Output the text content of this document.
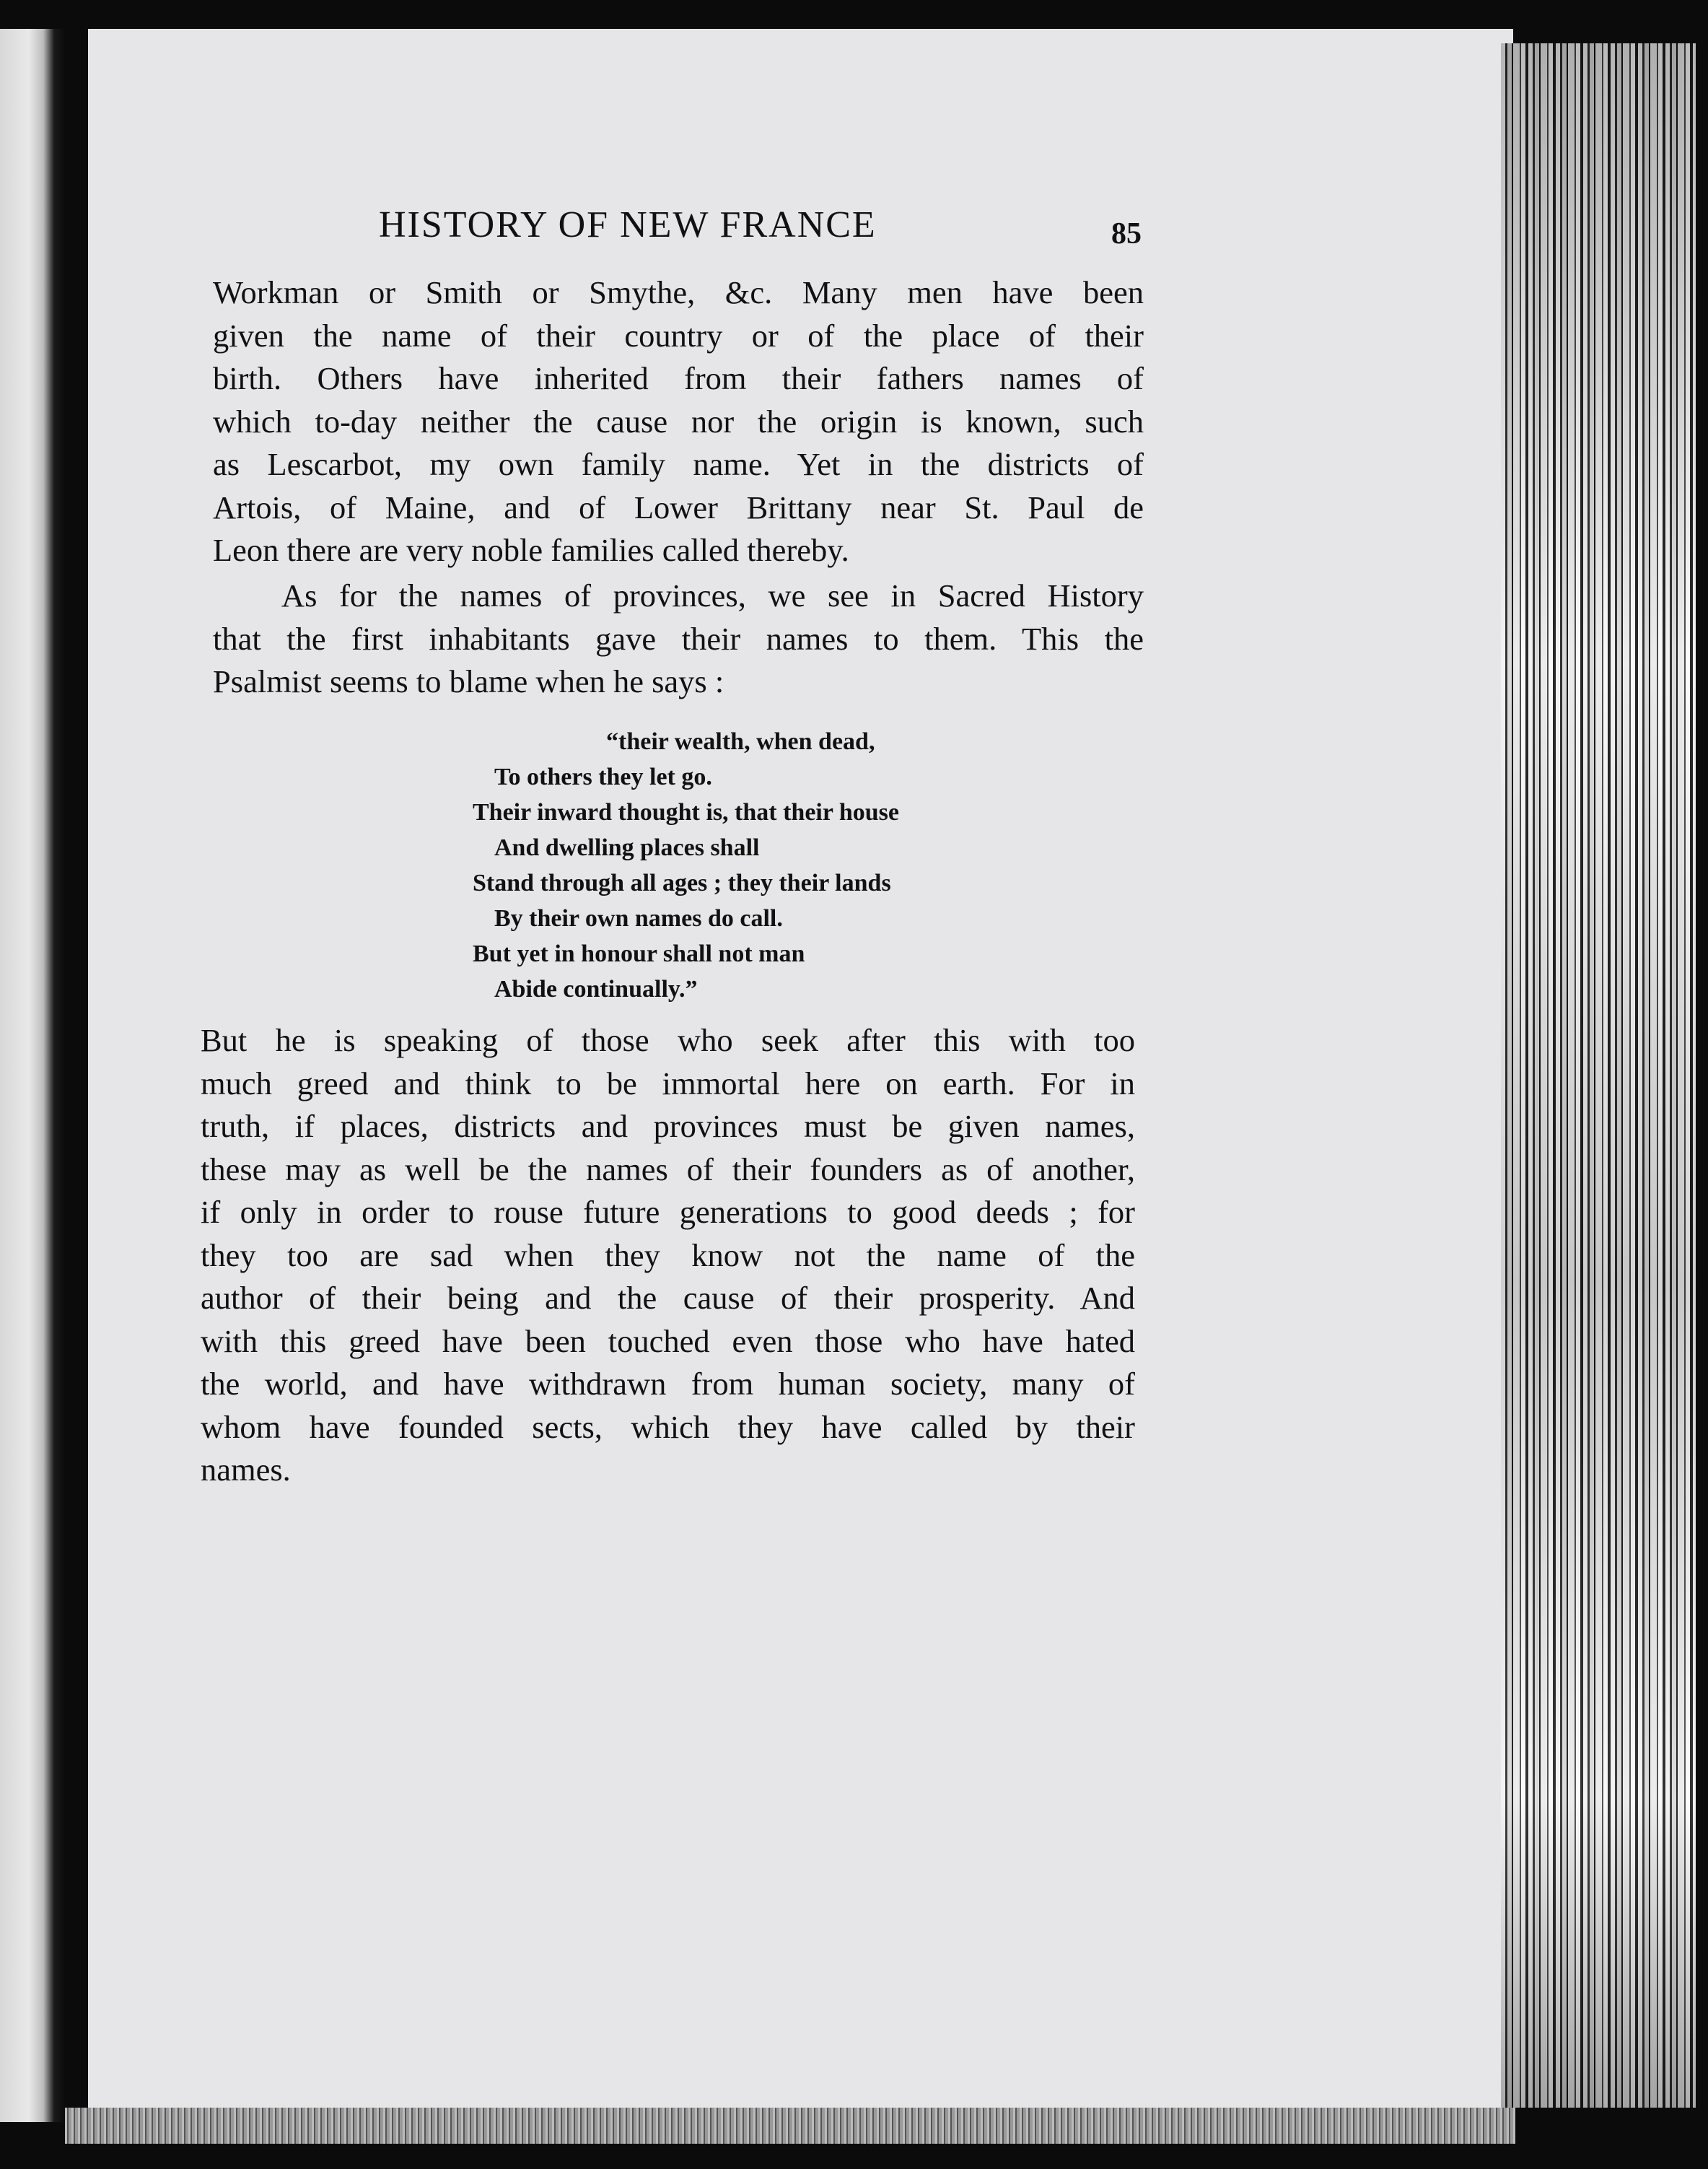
HISTORY OF NEW FRANCE	85

Workman or Smith or Smythe, &c. Many men have been
given the name of their country or of the place of their
birth. Others have inherited from their fathers names of
which to-day neither the cause nor the origin is known, such
as Lescarbot, my own family name. Yet in the districts of
Artois, of Maine, and of Lower Brittany near St. Paul de
Leon there are very noble families called thereby.

As for the names of provinces, we see in Sacred History
that the first inhabitants gave their names to them. This the
Psalmist seems to blame when he says :

“their wealth, when dead,
To others they let go.
Their inward thought is, that their house
And dwelling places shall
Stand through all ages ; they their lands
By their own names do call.
But yet in honour shall not man
Abide continually.”

But he is speaking of those who seek after this with too
much greed and think to be immortal here on earth. For in
truth, if places, districts and provinces must be given names,
these may as well be the names of their founders as of another,
if only in order to rouse future generations to good deeds ; for
they too are sad when they know not the name of the
author of their being and the cause of their prosperity. And
with this greed have been touched even those who have hated
the world, and have withdrawn from human society, many of
whom have founded sects, which they have called by their
names.
